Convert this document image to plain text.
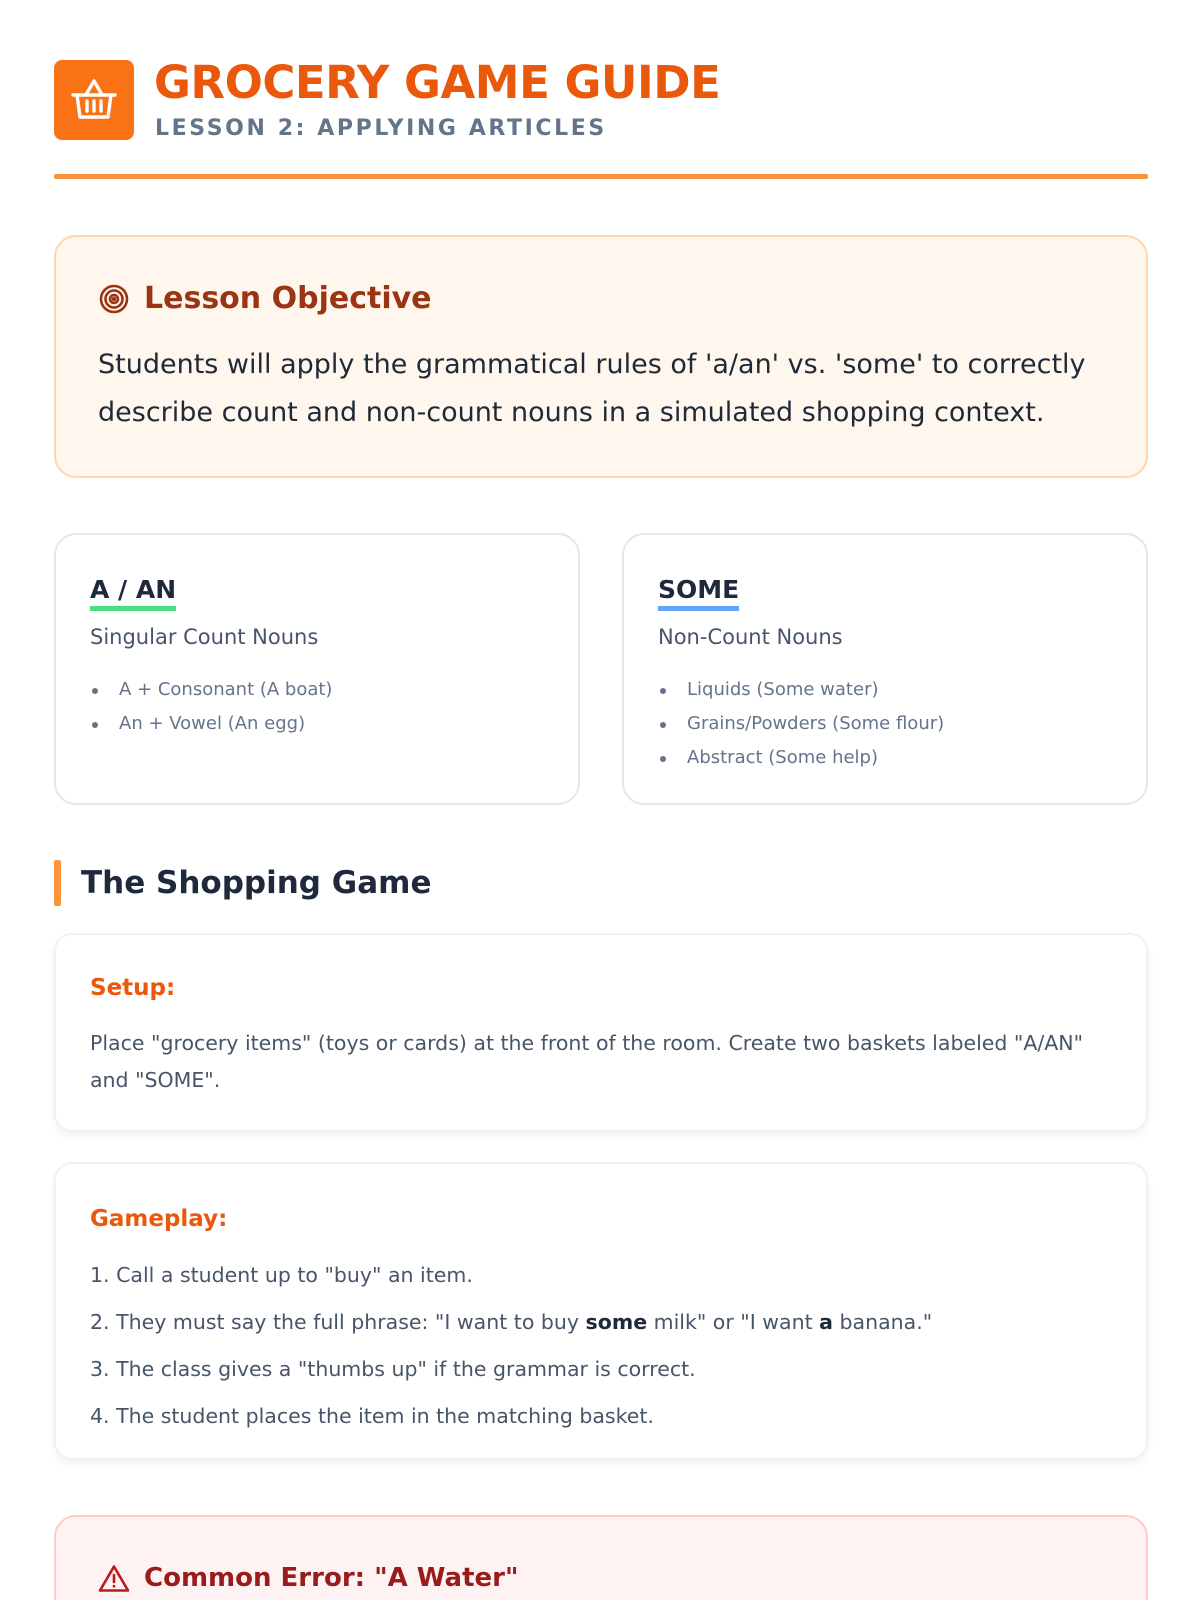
GROCERY GAME GUIDE
LESSON 2: APPLYING ARTICLES
Lesson Objective

Students will apply the grammatical rules of 'a/an' vs. 'some' to correctly describe count and non-count nouns in a simulated shopping context.

A / AN
Singular Count Nouns
A + Consonant (A boat)
An + Vowel (An egg)
SOME
Non-Count Nouns
Liquids (Some water)
Grains/Powders (Some flour)
Abstract (Some help)
The Shopping Game
Setup:

Place "grocery items" (toys or cards) at the front of the room. Create two baskets labeled "A/AN" and "SOME".

Gameplay:
1. Call a student up to "buy" an item.
2. They must say the full phrase: "I want to buy some milk" or "I want a banana."
3. The class gives a "thumbs up" if the grammar is correct.
4. The student places the item in the matching basket.
Common Error: "A Water"
